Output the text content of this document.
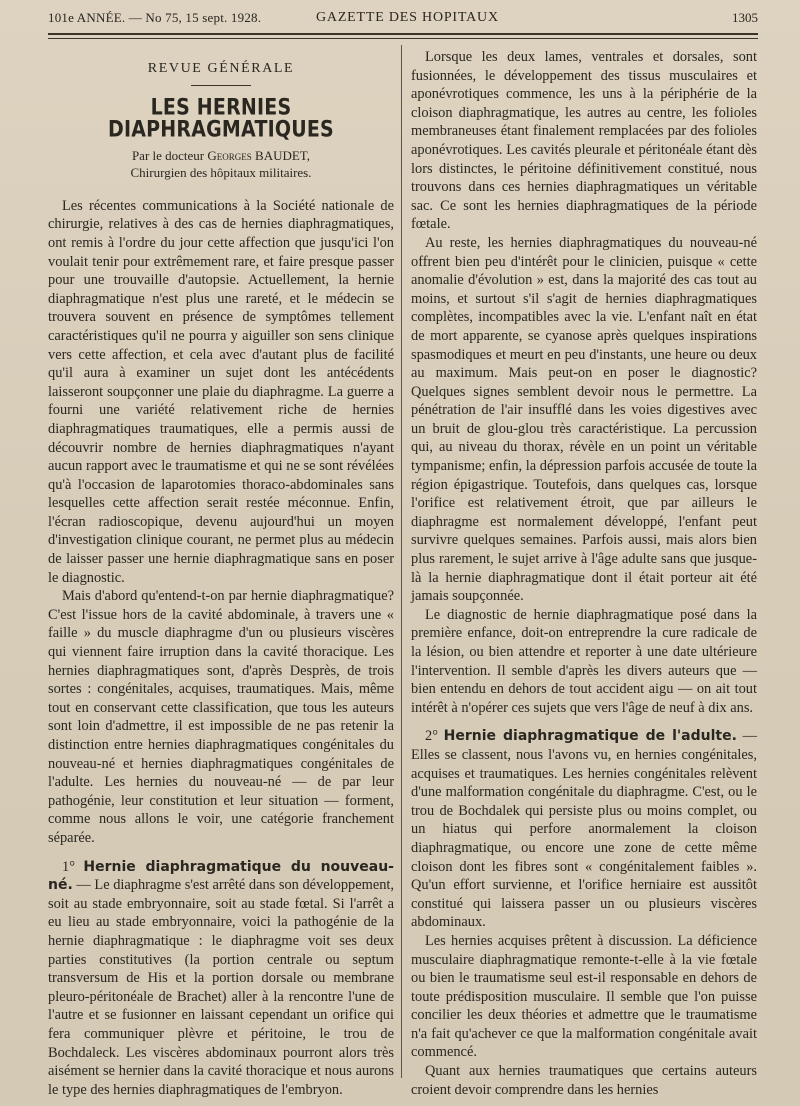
101e ANNÉE. — No 75, 15 sept. 1928.	GAZETTE DES HOPITAUX	1305
REVUE GÉNÉRALE
LES HERNIES DIAPHRAGMATIQUES
Par le docteur Georges BAUDET,
Chirurgien des hôpitaux militaires.

Les récentes communications à la Société nationale de chirurgie, relatives à des cas de hernies diaphragmatiques, ont remis à l'ordre du jour cette affection que jusqu'ici l'on voulait tenir pour extrêmement rare, et faire presque passer pour une trouvaille d'autopsie. Actuellement, la hernie diaphragmatique n'est plus une rareté, et le médecin se trouvera souvent en présence de symptômes tellement caractéristiques qu'il ne pourra y aiguiller son sens clinique vers cette affection, et cela avec d'autant plus de facilité qu'il aura à examiner un sujet dont les antécédents laisseront soupçonner une plaie du diaphragme. La guerre a fourni une variété relativement riche de hernies diaphragmatiques traumatiques, elle a permis aussi de découvrir nombre de hernies diaphragmatiques n'ayant aucun rapport avec le traumatisme et qui ne se sont révélées qu'à l'occasion de laparotomies thoraco-abdominales sans lesquelles cette affection serait restée méconnue. Enfin, l'écran radioscopique, devenu aujourd'hui un moyen d'investigation clinique courant, ne permet plus au médecin de laisser passer une hernie diaphragmatique sans en poser le diagnostic.

Mais d'abord qu'entend-t-on par hernie diaphragmatique? C'est l'issue hors de la cavité abdominale, à travers une « faille » du muscle diaphragme d'un ou plusieurs viscères qui viennent faire irruption dans la cavité thoracique. Les hernies diaphragmatiques sont, d'après Desprès, de trois sortes : congénitales, acquises, traumatiques. Mais, même tout en conservant cette classification, que tous les auteurs sont loin d'admettre, il est impossible de ne pas retenir la distinction entre hernies diaphragmatiques congénitales du nouveau-né et hernies diaphragmatiques congénitales de l'adulte. Les hernies du nouveau-né — de par leur pathogénie, leur constitution et leur situation — forment, comme nous allons le voir, une catégorie franchement séparée.

1° Hernie diaphragmatique du nouveau-né. — Le diaphragme s'est arrêté dans son développement, soit au stade embryonnaire, soit au stade fœtal. Si l'arrêt a eu lieu au stade embryonnaire, voici la pathogénie de la hernie diaphragmatique : le diaphragme voit ses deux parties constitutives (la portion centrale ou septum transversum de His et la portion dorsale ou membrane pleuro-péritonéale de Brachet) aller à la rencontre l'une de l'autre et se fusionner en laissant cependant un orifice qui fera communiquer plèvre et péritoine, le trou de Bochdaleck. Les viscères abdominaux pourront alors très aisément se hernier dans la cavité thoracique et nous aurons le type des hernies diaphragmatiques de l'embryon.

Lorsque les deux lames, ventrales et dorsales, sont fusionnées, le développement des tissus musculaires et aponévrotiques commence, les uns à la périphérie de la cloison diaphragmatique, les autres au centre, les folioles membraneuses étant finalement remplacées par des folioles aponévrotiques. Les cavités pleurale et péritonéale étant dès lors distinctes, le péritoine définitivement constitué, nous trouvons dans ces hernies diaphragmatiques un véritable sac. Ce sont les hernies diaphragmatiques de la période fœtale.

Au reste, les hernies diaphragmatiques du nouveau-né offrent bien peu d'intérêt pour le clinicien, puisque « cette anomalie d'évolution » est, dans la majorité des cas tout au moins, et surtout s'il s'agit de hernies diaphragmatiques complètes, incompatibles avec la vie. L'enfant naît en état de mort apparente, se cyanose après quelques inspirations spasmodiques et meurt en peu d'instants, une heure ou deux au maximum. Mais peut-on en poser le diagnostic? Quelques signes semblent devoir nous le permettre. La pénétration de l'air insufflé dans les voies digestives avec un bruit de glou-glou très caractéristique. La percussion qui, au niveau du thorax, révèle en un point un véritable tympanisme; enfin, la dépression parfois accusée de toute la région épigastrique. Toutefois, dans quelques cas, lorsque l'orifice est relativement étroit, que par ailleurs le diaphragme est normalement développé, l'enfant peut survivre quelques semaines. Parfois aussi, mais alors bien plus rarement, le sujet arrive à l'âge adulte sans que jusque-là la hernie diaphragmatique dont il était porteur ait été jamais soupçonnée.

Le diagnostic de hernie diaphragmatique posé dans la première enfance, doit-on entreprendre la cure radicale de la lésion, ou bien attendre et reporter à une date ultérieure l'intervention. Il semble d'après les divers auteurs que — bien entendu en dehors de tout accident aigu — on ait tout intérêt à n'opérer ces sujets que vers l'âge de neuf à dix ans.

2° Hernie diaphragmatique de l'adulte. — Elles se classent, nous l'avons vu, en hernies congénitales, acquises et traumatiques. Les hernies congénitales relèvent d'une malformation congénitale du diaphragme. C'est, ou le trou de Bochdalek qui persiste plus ou moins complet, ou un hiatus qui perfore anormalement la cloison diaphragmatique, ou encore une zone de cette même cloison dont les fibres sont « congénitalement faibles ». Qu'un effort survienne, et l'orifice herniaire est aussitôt constitué qui laissera passer un ou plusieurs viscères abdominaux.

Les hernies acquises prêtent à discussion. La déficience musculaire diaphragmatique remonte-t-elle à la vie fœtale ou bien le traumatisme seul est-il responsable en dehors de toute prédisposition musculaire. Il semble que l'on puisse concilier les deux théories et admettre que le traumatisme n'a fait qu'achever ce que la malformation congénitale avait commencé.

Quant aux hernies traumatiques que certains auteurs croient devoir comprendre dans les hernies
